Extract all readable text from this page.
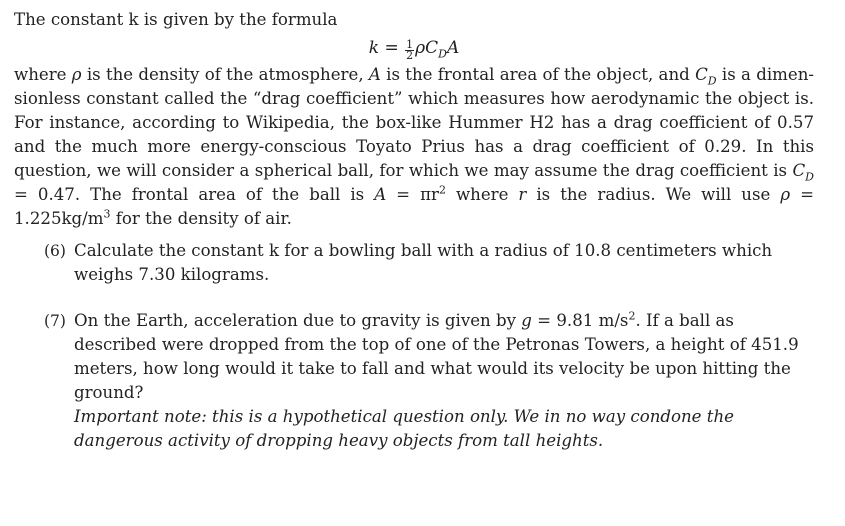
The constant k is given by the formula

$k = \frac{1}{2} \rho C_DA$

where ρ is the density of the atmosphere, A is the frontal area of the object, and $C_D$ is a dimen-sionless constant called the “drag coefficient” which measures how aerodynamic the object is. For instance, according to Wikipedia, the box-like Hummer H2 has a drag coefficient of 0.57 and the much more energy-conscious Toyato Prius has a drag coefficient of 0.29. In this question, we will consider a spherical ball, for which we may assume the drag coefficient is $C_D = 0.47$. The frontal area of the ball is $A = \pi r^2$ where r is the radius. We will use $\rho = 1.225kg/m^3$ for the density of air.

(6) Calculate the constant k for a bowling ball with a radius of 10.8 centimeters which weighs 7.30 kilograms.
(7) On the Earth, acceleration due to gravity is given by g = 9.81 $m/s^2$. If a ball as described were dropped from the top of one of the Petronas Towers, a height of 451.9 meters, how long would it take to fall and what would its velocity be upon hitting the ground?
Important note: this is a hypothetical question only. We in no way condone the dangerous activity of dropping heavy objects from tall heights.
